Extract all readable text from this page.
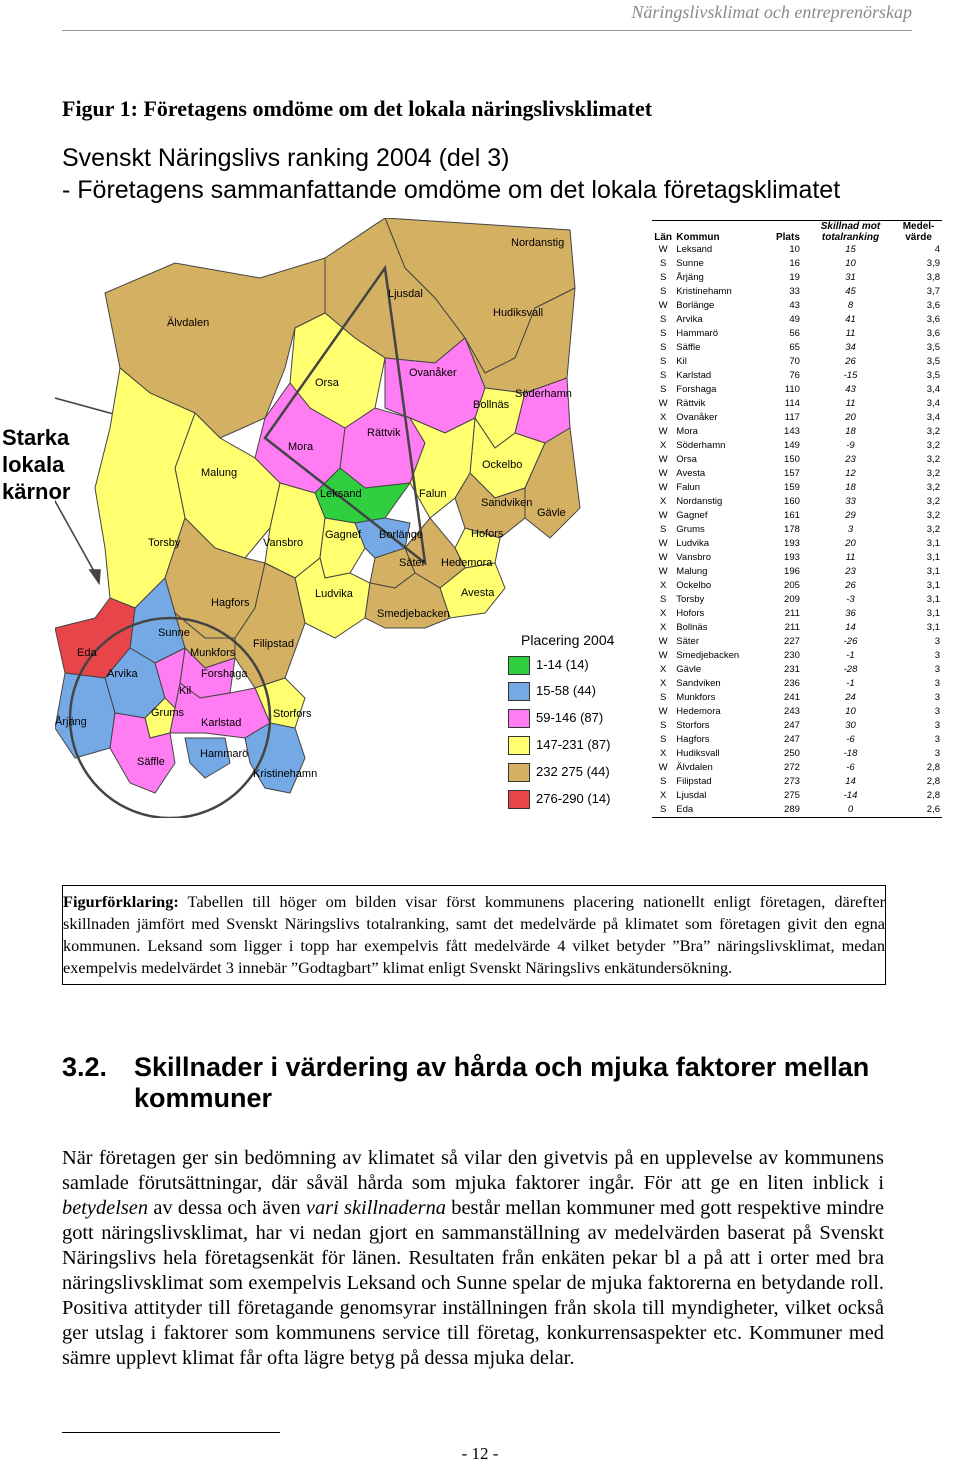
Näringslivsklimat och entreprenörskap
Figur 1: Företagens omdöme om det lokala näringslivsklimatet
Svenskt Näringslivs ranking 2004 (del 3)
- Företagens sammanfattande omdöme om det lokala företagsklimatet
Starka lokala kärnor
Nordanstig
Ljusdal
Hudiksvall
Älvdalen
Ovanåker
Orsa
Bollnäs
Söderhamn
Rättvik
Mora
Ockelbo
Malung
Leksand	Falun
Sandviken
Gävle
Gagnef Borlänge	Hofors
Torsby	Vansbro
Säter Hedemora
Ludvika	Avesta
Hagfors
Smedjebacken
Sunne
Filipstad
Eda	Munkfors
Arvika	Forshaga
Kil
Storfors
Årjäng
Grums
Karlstad
Hammarö
Säffle
Kristinehamn
Placering 2004
1-14 (14)
15-58 (44)
59-146 (87)
147-231 (87)
232 275 (44)
276-290 (14)
Län	Kommun	Plats	Skillnad mot totalranking	Medel-värde
W	Leksand	10	15	4
S	Sunne	16	10	3,9
S	Årjäng	19	31	3,8
S	Kristinehamn	33	45	3,7
W	Borlänge	43	8	3,6
S	Arvika	49	41	3,6
S	Hammarö	56	11	3,6
S	Säffle	65	34	3,5
S	Kil	70	26	3,5
S	Karlstad	76	-15	3,5
S	Forshaga	110	43	3,4
W	Rättvik	114	11	3,4
X	Ovanåker	117	20	3,4
W	Mora	143	18	3,2
X	Söderhamn	149	-9	3,2
W	Orsa	150	23	3,2
W	Avesta	157	12	3,2
W	Falun	159	18	3,2
X	Nordanstig	160	33	3,2
W	Gagnef	161	29	3,2
S	Grums	178	3	3,2
W	Ludvika	193	20	3,1
W	Vansbro	193	11	3,1
W	Malung	196	23	3,1
X	Ockelbo	205	26	3,1
S	Torsby	209	-3	3,1
X	Hofors	211	36	3,1
X	Bollnäs	211	14	3,1
W	Säter	227	-26	3
W	Smedjebacken	230	-1	3
X	Gävle	231	-28	3
X	Sandviken	236	-1	3
S	Munkfors	241	24	3
W	Hedemora	243	10	3
S	Storfors	247	30	3
S	Hagfors	247	-6	3
X	Hudiksvall	250	-18	3
W	Älvdalen	272	-6	2,8
S	Filipstad	273	14	2,8
X	Ljusdal	275	-14	2,8
S	Eda	289	0	2,6
Figurförklaring: Tabellen till höger om bilden visar först kommunens placering nationellt enligt företagen, därefter skillnaden jämfört med Svenskt Näringslivs totalranking, samt det medelvärde på klimatet som företagen givit den egna kommunen. Leksand som ligger i topp har exempelvis fått medelvärde 4 vilket betyder ”Bra” näringslivsklimat, medan exempelvis medelvärdet 3 innebär ”Godtagbart” klimat enligt Svenskt Näringslivs enkätundersökning.
3.2. Skillnader i värdering av hårda och mjuka faktorer mellan kommuner
När företagen ger sin bedömning av klimatet så vilar den givetvis på en upplevelse av kommunens samlade förutsättningar, där såväl hårda som mjuka faktorer ingår. För att ge en liten inblick i betydelsen av dessa och även vari skillnaderna består mellan kommuner med gott respektive mindre gott näringslivsklimat, har vi nedan gjort en sammanställning av medelvärden baserat på Svenskt Näringslivs hela företagsenkät för länen. Resultaten från enkäten pekar bl a på att i orter med bra näringslivsklimat som exempelvis Leksand och Sunne spelar de mjuka faktorerna en betydande roll. Positiva attityder till företagande genomsyrar inställningen från skola till myndigheter, vilket också ger utslag i faktorer som kommunens service till företag, konkurrensaspekter etc. Kommuner med sämre upplevt klimat får ofta lägre betyg på dessa mjuka delar.
- 12 -
